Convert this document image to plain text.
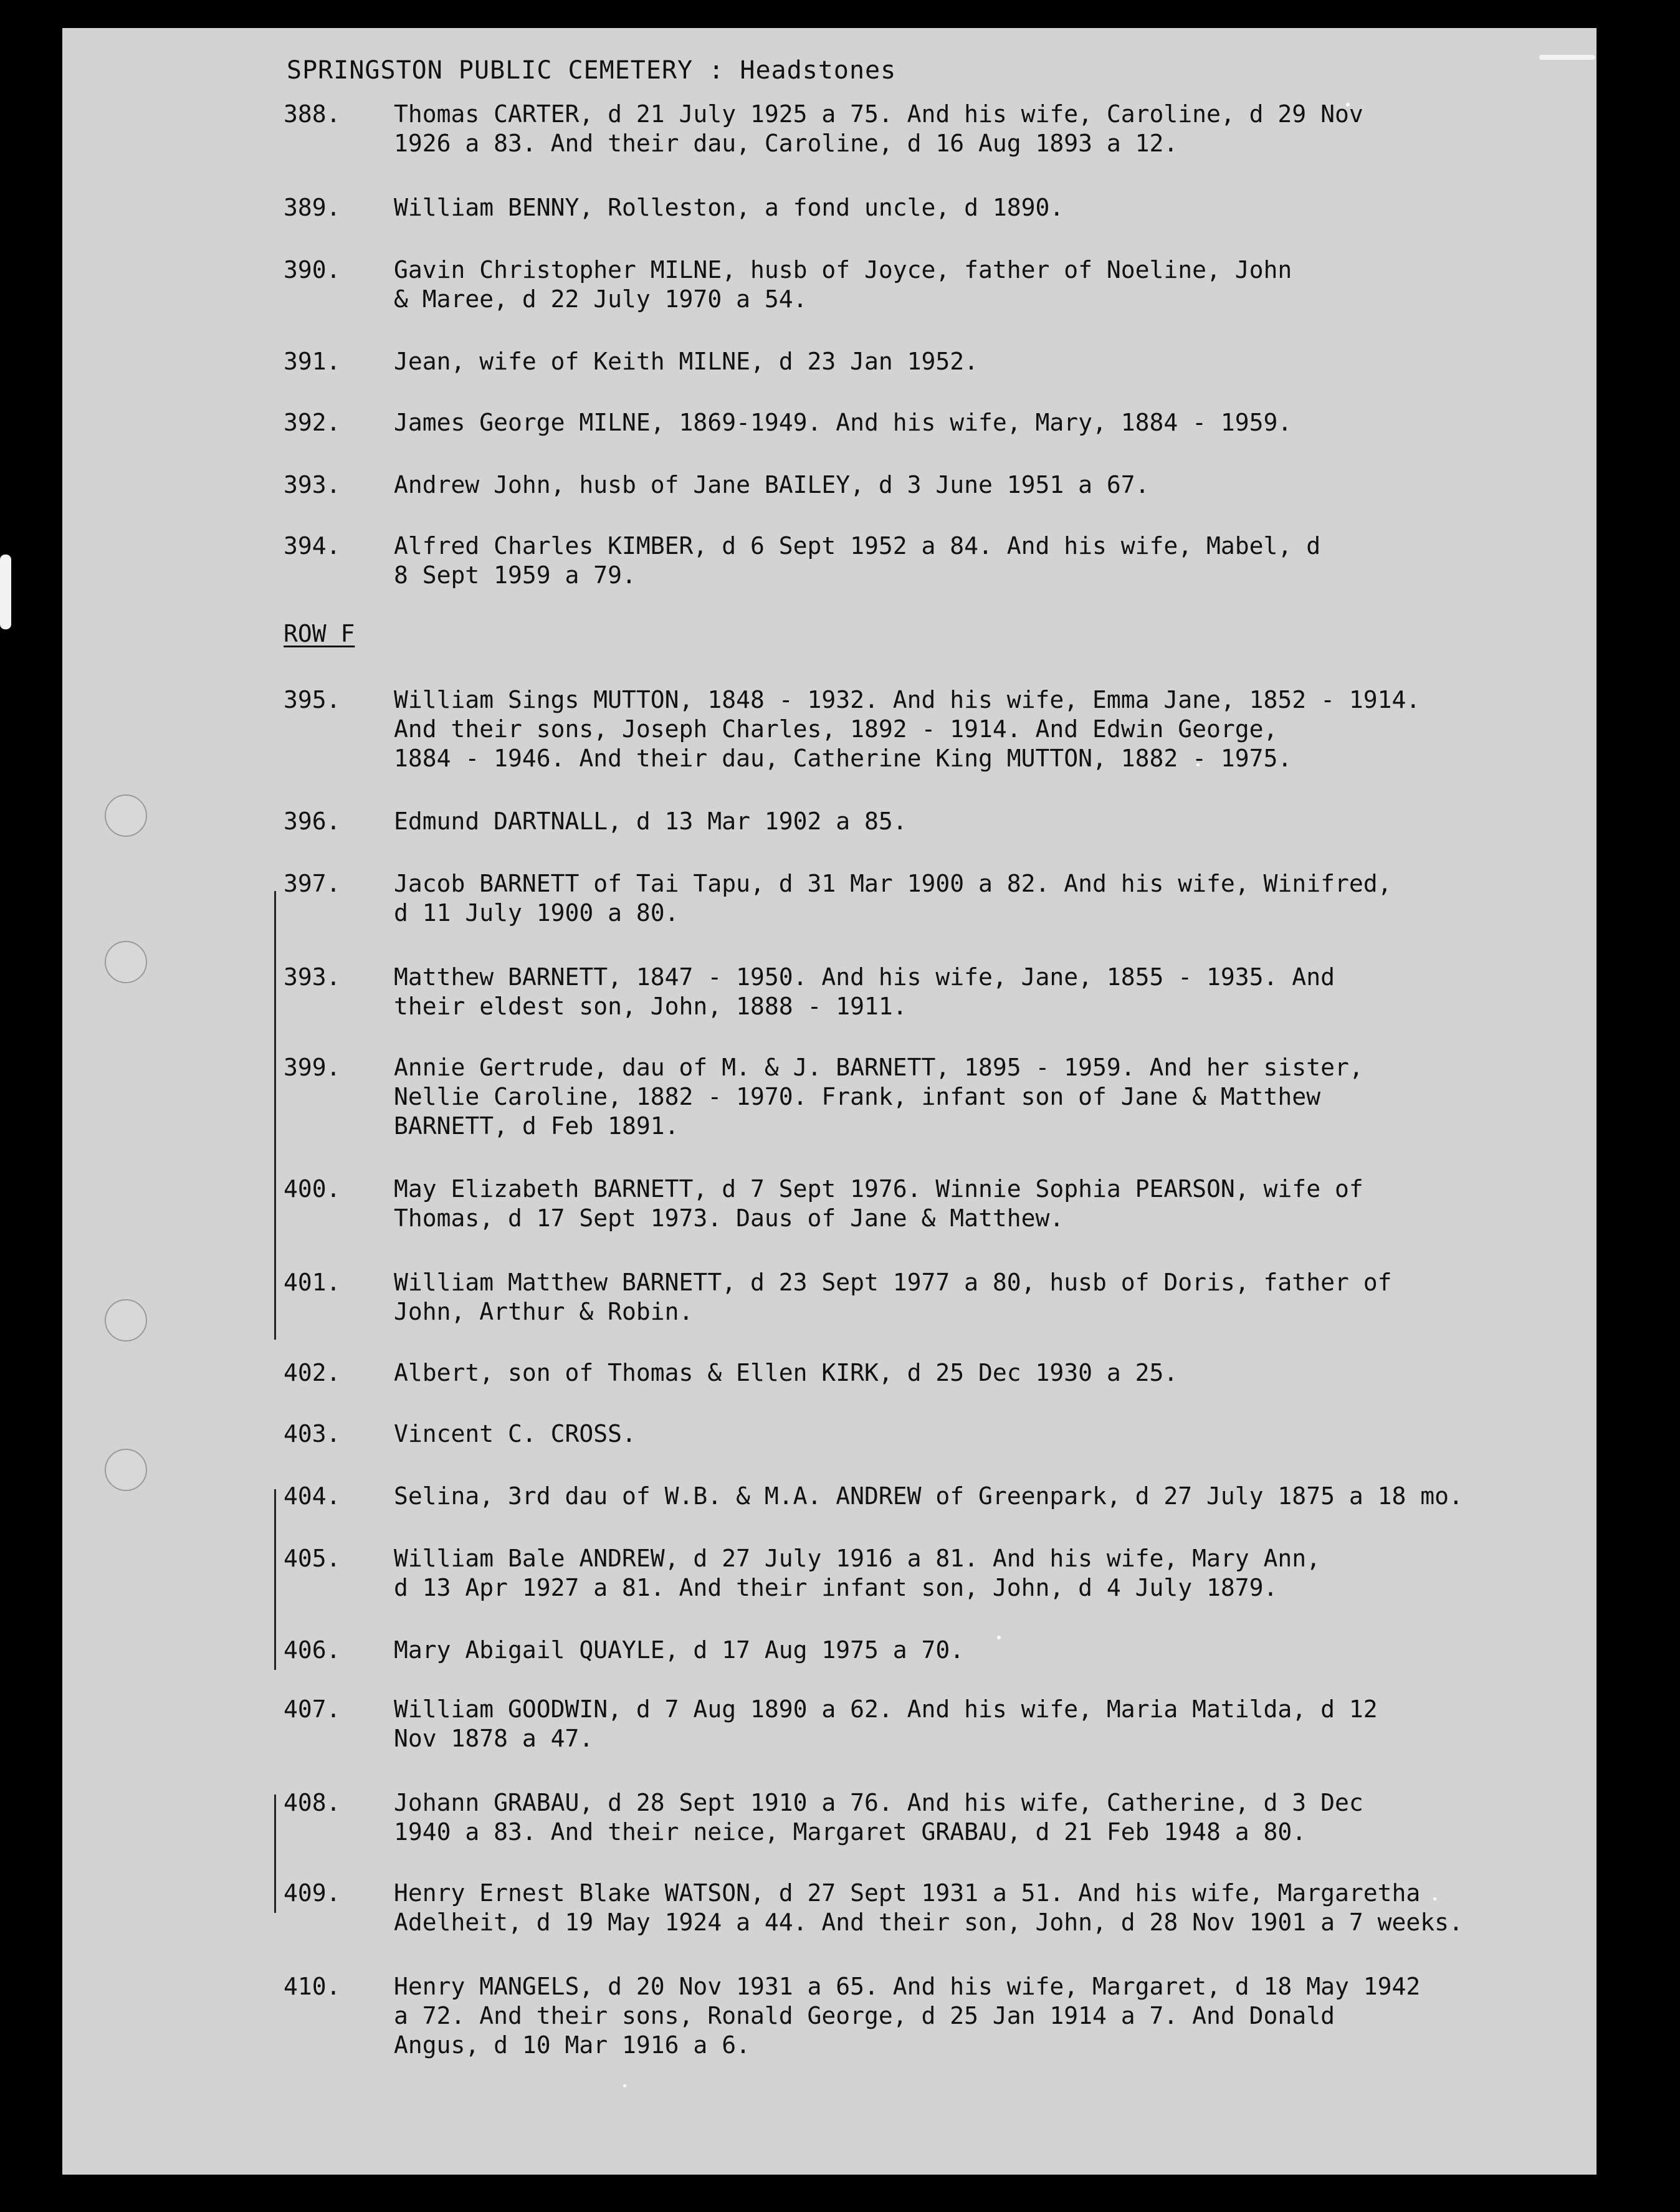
SPRINGSTON PUBLIC CEMETERY : Headstones
ROW F
388.	Thomas CARTER, d 21 July 1925 a 75. And his wife, Caroline, d 29 Nov
1926 a 83. And their dau, Caroline, d 16 Aug 1893 a 12.
389.	William BENNY, Rolleston, a fond uncle, d 1890.
390.	Gavin Christopher MILNE, husb of Joyce, father of Noeline, John
& Maree, d 22 July 1970 a 54.
391.	Jean, wife of Keith MILNE, d 23 Jan 1952.
392.	James George MILNE, 1869-1949. And his wife, Mary, 1884 - 1959.
393.	Andrew John, husb of Jane BAILEY, d 3 June 1951 a 67.
394.	Alfred Charles KIMBER, d 6 Sept 1952 a 84. And his wife, Mabel, d
8 Sept 1959 a 79.
395.	William Sings MUTTON, 1848 - 1932. And his wife, Emma Jane, 1852 - 1914.
And their sons, Joseph Charles, 1892 - 1914. And Edwin George,
1884 - 1946. And their dau, Catherine King MUTTON, 1882 - 1975.
396.	Edmund DARTNALL, d 13 Mar 1902 a 85.
397.	Jacob BARNETT of Tai Tapu, d 31 Mar 1900 a 82. And his wife, Winifred,
d 11 July 1900 a 80.
393.	Matthew BARNETT, 1847 - 1950. And his wife, Jane, 1855 - 1935. And
their eldest son, John, 1888 - 1911.
399.	Annie Gertrude, dau of M. & J. BARNETT, 1895 - 1959. And her sister,
Nellie Caroline, 1882 - 1970. Frank, infant son of Jane & Matthew
BARNETT, d Feb 1891.
400.	May Elizabeth BARNETT, d 7 Sept 1976. Winnie Sophia PEARSON, wife of
Thomas, d 17 Sept 1973. Daus of Jane & Matthew.
401.	William Matthew BARNETT, d 23 Sept 1977 a 80, husb of Doris, father of
John, Arthur & Robin.
402.	Albert, son of Thomas & Ellen KIRK, d 25 Dec 1930 a 25.
403.	Vincent C. CROSS.
404.	Selina, 3rd dau of W.B. & M.A. ANDREW of Greenpark, d 27 July 1875 a 18 mo.
405.	William Bale ANDREW, d 27 July 1916 a 81. And his wife, Mary Ann,
d 13 Apr 1927 a 81. And their infant son, John, d 4 July 1879.
406.	Mary Abigail QUAYLE, d 17 Aug 1975 a 70.
407.	William GOODWIN, d 7 Aug 1890 a 62. And his wife, Maria Matilda, d 12
Nov 1878 a 47.
408.	Johann GRABAU, d 28 Sept 1910 a 76. And his wife, Catherine, d 3 Dec
1940 a 83. And their neice, Margaret GRABAU, d 21 Feb 1948 a 80.
409.	Henry Ernest Blake WATSON, d 27 Sept 1931 a 51. And his wife, Margaretha
Adelheit, d 19 May 1924 a 44. And their son, John, d 28 Nov 1901 a 7 weeks.
410.	Henry MANGELS, d 20 Nov 1931 a 65. And his wife, Margaret, d 18 May 1942
a 72. And their sons, Ronald George, d 25 Jan 1914 a 7. And Donald
Angus, d 10 Mar 1916 a 6.
